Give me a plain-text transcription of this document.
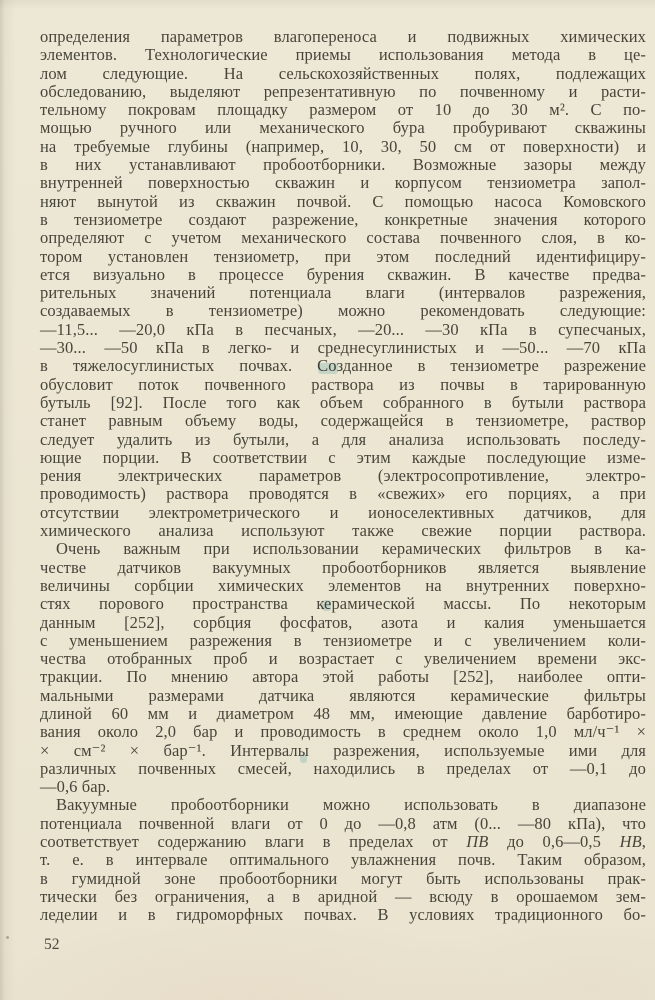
определения параметров влагопереноса и подвижных химических
элементов. Технологические приемы использования метода в це-
лом следующие. На сельскохозяйственных полях, подлежащих
обследованию, выделяют репрезентативную по почвенному и расти-
тельному покровам площадку размером от 10 до 30 м². С по-
мощью ручного или механического бура пробуривают скважины
на требуемые глубины (например, 10, 30, 50 см от поверхности) и
в них устанавливают пробоотборники. Возможные зазоры между
внутренней поверхностью скважин и корпусом тензиометра запол-
няют вынутой из скважин почвой. С помощью насоса Комовского
в тензиометре создают разрежение, конкретные значения которого
определяют с учетом механического состава почвенного слоя, в ко-
тором установлен тензиометр, при этом последний идентифициру-
ется визуально в процессе бурения скважин. В качестве предва-
рительных значений потенциала влаги (интервалов разрежения,
создаваемых в тензиометре) можно рекомендовать следующие:
—11,5... —20,0 кПа в песчаных, —20... —30 кПа в супесчаных,
—30... —50 кПа в легко- и среднесуглинистых и —50... —70 кПа
в тяжелосуглинистых почвах. Созданное в тензиометре разрежение
обусловит поток почвенного раствора из почвы в тарированную
бутыль [92]. После того как объем собранного в бутыли раствора
станет равным объему воды, содержащейся в тензиометре, раствор
следует удалить из бутыли, а для анализа использовать последу-
ющие порции. В соответствии с этим каждые последующие изме-
рения электрических параметров (электросопротивление, электро-
проводимость) раствора проводятся в «свежих» его порциях, а при
отсутствии электрометрического и ионоселективных датчиков, для
химического анализа используют также свежие порции раствора.
Очень важным при использовании керамических фильтров в ка-
честве датчиков вакуумных пробоотборников является выявление
величины сорбции химических элементов на внутренних поверхно-
стях порового пространства керамической массы. По некоторым
данным [252], сорбция фосфатов, азота и калия уменьшается
с уменьшением разрежения в тензиометре и с увеличением коли-
чества отобранных проб и возрастает с увеличением времени экс-
тракции. По мнению автора этой работы [252], наиболее опти-
мальными размерами датчика являются керамические фильтры
длиной 60 мм и диаметром 48 мм, имеющие давление барботиро-
вания около 2,0 бар и проводимость в среднем около 1,0 мл/ч⁻¹ ×
× см⁻² × бар⁻¹. Интервалы разрежения, используемые ими для
различных почвенных смесей, находились в пределах от —0,1 до
—0,6 бар.
Вакуумные пробоотборники можно использовать в диапазоне
потенциала почвенной влаги от 0 до —0,8 атм (0... —80 кПа), что
соответствует содержанию влаги в пределах от ПВ до 0,6—0,5 НВ,
т. е. в интервале оптимального увлажнения почв. Таким образом,
в гумидной зоне пробоотборники могут быть использованы прак-
тически без ограничения, а в аридной — всюду в орошаемом зем-
леделии и в гидроморфных почвах. В условиях традиционного бо-
52
